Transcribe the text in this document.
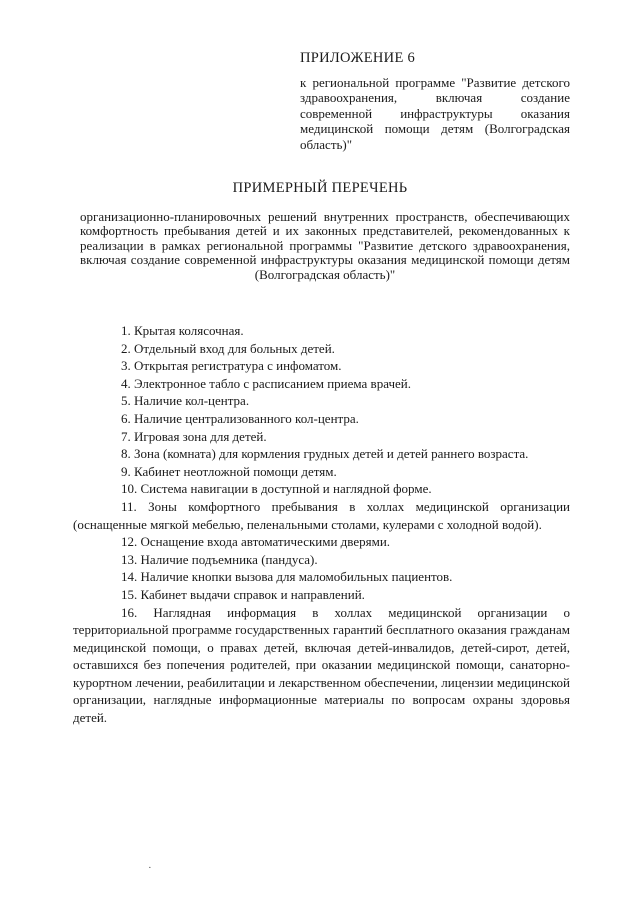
ПРИЛОЖЕНИЕ 6
к региональной программе "Развитие детского здравоохранения, включая создание современной инфраструктуры оказания медицинской помощи детям (Волгоградская область)"
ПРИМЕРНЫЙ ПЕРЕЧЕНЬ
организационно-планировочных решений внутренних пространств, обеспечивающих комфортность пребывания детей и их законных представителей, рекомендованных к реализации в рамках региональной программы "Развитие детского здравоохранения, включая создание современной инфраструктуры оказания медицинской помощи детям (Волгоградская область)"
1. Крытая колясочная.
2. Отдельный вход для больных детей.
3. Открытая регистратура с инфоматом.
4. Электронное табло с расписанием приема врачей.
5. Наличие кол-центра.
6. Наличие централизованного кол-центра.
7. Игровая зона для детей.
8. Зона (комната) для кормления грудных детей и детей раннего возраста.
9. Кабинет неотложной помощи детям.
10. Система навигации в доступной и наглядной форме.
11. Зоны комфортного пребывания в холлах медицинской организации (оснащенные мягкой мебелью, пеленальными столами, кулерами с холодной водой).
12. Оснащение входа автоматическими дверями.
13. Наличие подъемника (пандуса).
14. Наличие кнопки вызова для маломобильных пациентов.
15. Кабинет выдачи справок и направлений.
16. Наглядная информация в холлах медицинской организации о территориальной программе государственных гарантий бесплатного оказания гражданам медицинской помощи, о правах детей, включая детей-инвалидов, детей-сирот, детей, оставшихся без попечения родителей, при оказании медицинской помощи, санаторно-курортном лечении, реабилитации и лекарственном обеспечении, лицензии медицинской организации, наглядные информационные материалы по вопросам охраны здоровья детей.
·
